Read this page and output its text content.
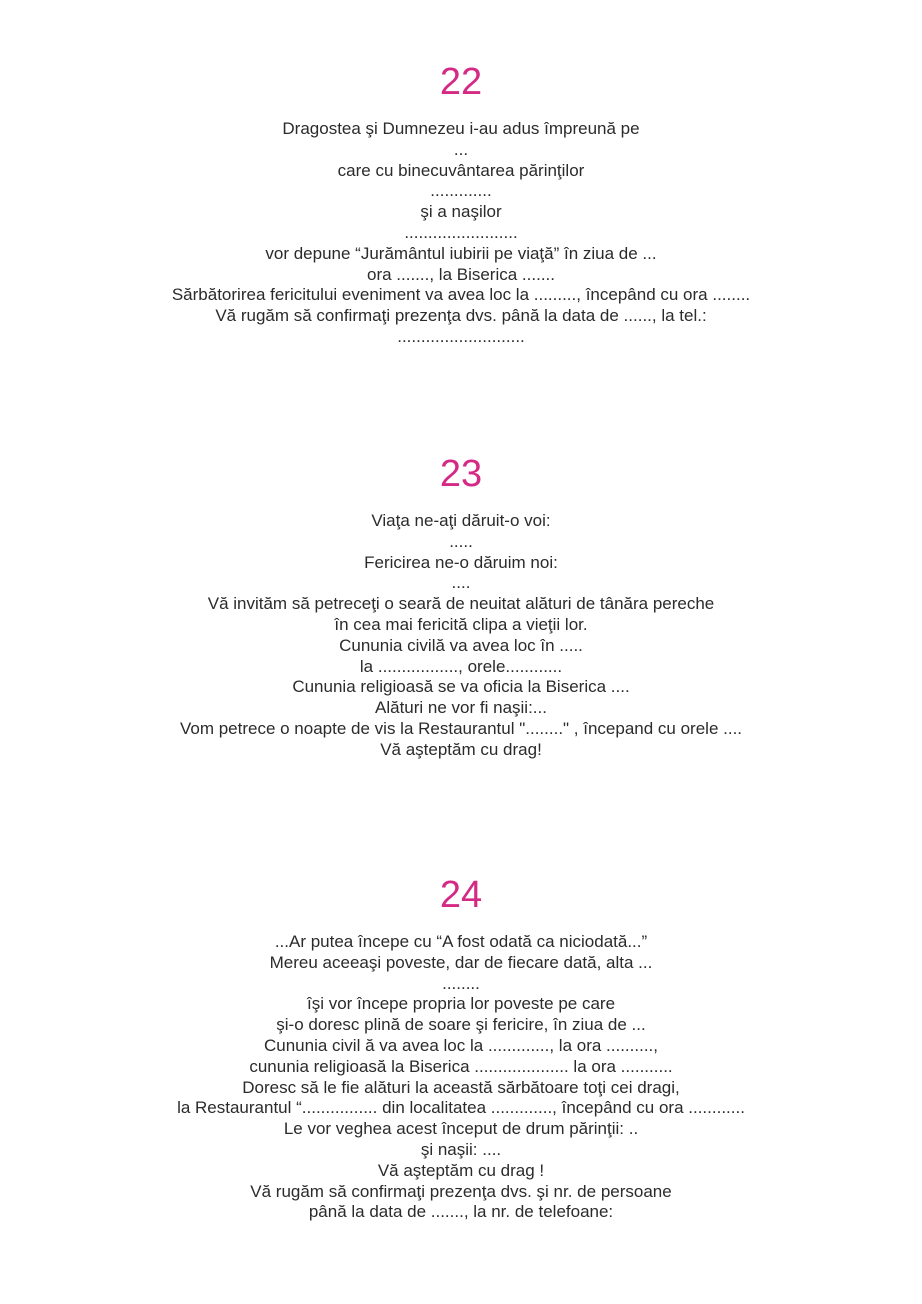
22
Dragostea şi Dumnezeu i-au adus împreună pe
...
care cu binecuvântarea părinţilor
.............
şi a naşilor
........................
vor depune “Jurământul iubirii pe viaţă” în ziua de ...
ora ......., la Biserica .......
Sărbătorirea fericitului eveniment va avea loc la ........., începând cu ora ........
Vă rugăm să confirmaţi prezenţa dvs. până la data de ......, la tel.:
...........................
23
Viaţa ne-aţi dăruit-o voi:
.....
Fericirea ne-o dăruim noi:
....
Vă invităm să petreceţi o seară de neuitat alături de tânăra pereche
în cea mai fericită clipa a vieţii lor.
Cununia civilă va avea loc în .....
la ................., orele............
Cununia religioasă se va oficia la Biserica ....
Alături ne vor fi naşii:...
Vom petrece o noapte de vis la Restaurantul "........" , începand cu orele ....
Vă aşteptăm cu drag!
24
...Ar putea începe cu “A fost odată ca niciodată...”
Mereu aceeaşi poveste, dar de fiecare dată, alta ...
........
îşi vor începe propria lor poveste pe care
şi-o doresc plină de soare şi fericire, în ziua de ...
Cununia civil ă va avea loc la ............., la ora ..........,
cununia religioasă la Biserica .................... la ora ...........
Doresc să le fie alături la această sărbătoare toţi cei dragi,
la Restaurantul “................ din localitatea ............., începând cu ora ............
Le vor veghea acest început de drum părinţii: ..
şi naşii: ....
Vă aşteptăm cu drag !
Vă rugăm să confirmaţi prezenţa dvs. şi nr. de persoane
până la data de ......., la nr. de telefoane:
